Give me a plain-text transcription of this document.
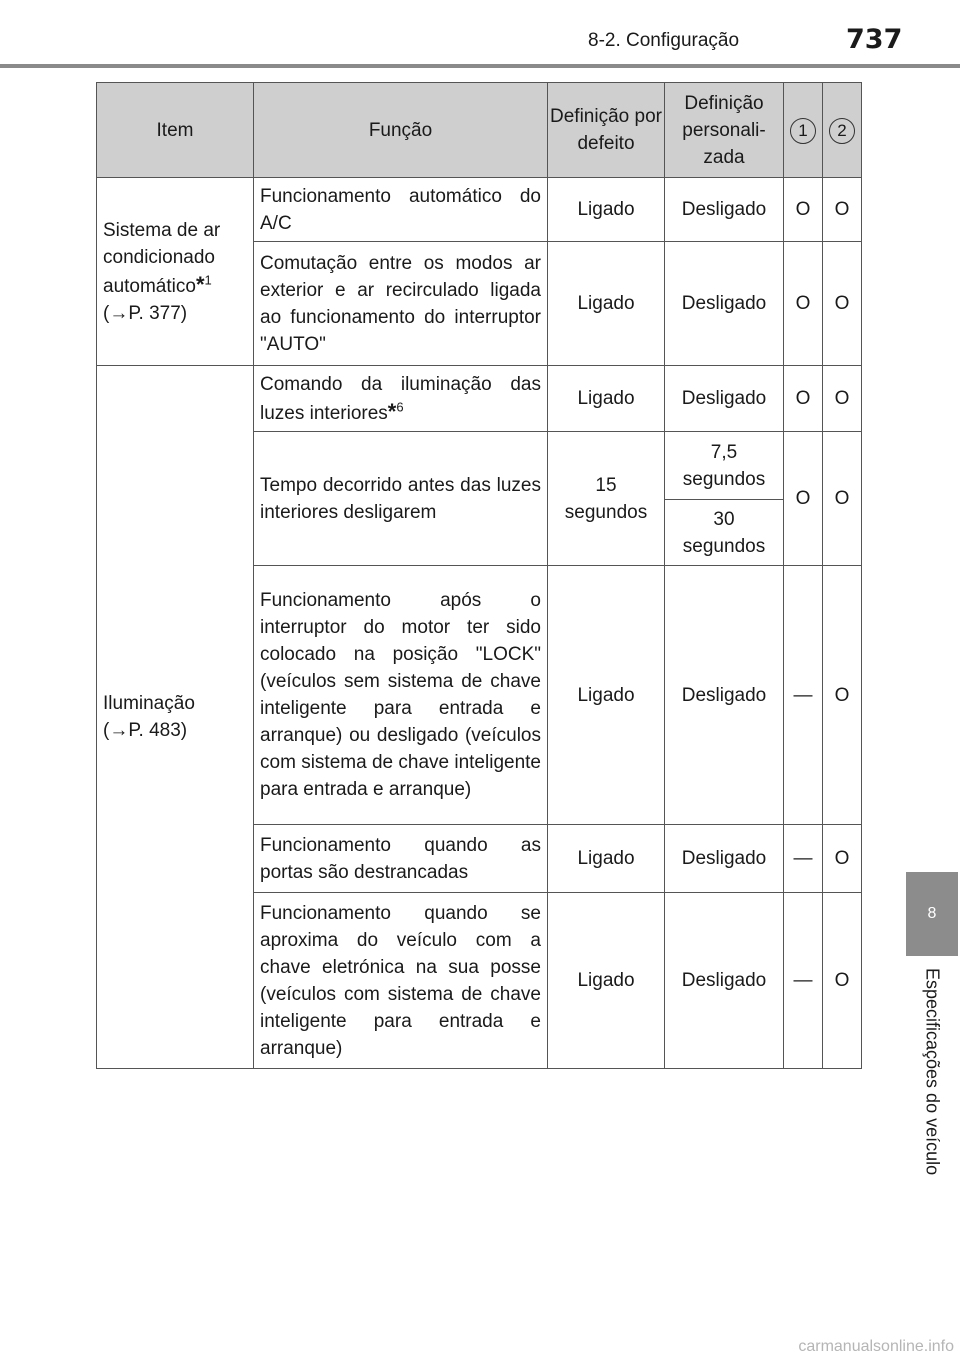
8-2. Configuração	737
8
Especificações do veículo
Item	Função	Definição por defeito	Definição personali- zada	1	2
Sistema de ar condicionado automático*$^1$
(→P. 377)	Funcionamento automático do A/C	Ligado	Desligado	O	O
	Comutação entre os modos ar exterior e ar recirculado ligada ao funcionamento do interruptor "AUTO"	Ligado	Desligado	O	O
Iluminação
(→P. 483)	Comando da iluminação das luzes interiores*$^6$	Ligado	Desligado	O	O
	Tempo decorrido antes das luzes interiores desligarem	15 segundos	7,5 segundos	O	O
			30 segundos		
	Funcionamento após o interruptor do motor ter sido colocado na posição "LOCK" (veículos sem sistema de chave inteligente para entrada e arranque) ou desligado (veículos com sistema de chave inteligente para entrada e arranque)	Ligado	Desligado	—	O
	Funcionamento quando as portas são destrancadas	Ligado	Desligado	—	O
	Funcionamento quando se aproxima do veículo com a chave eletrónica na sua posse (veículos com sistema de chave inteligente para entrada e arranque)	Ligado	Desligado	—	O
carmanualsonline.info
